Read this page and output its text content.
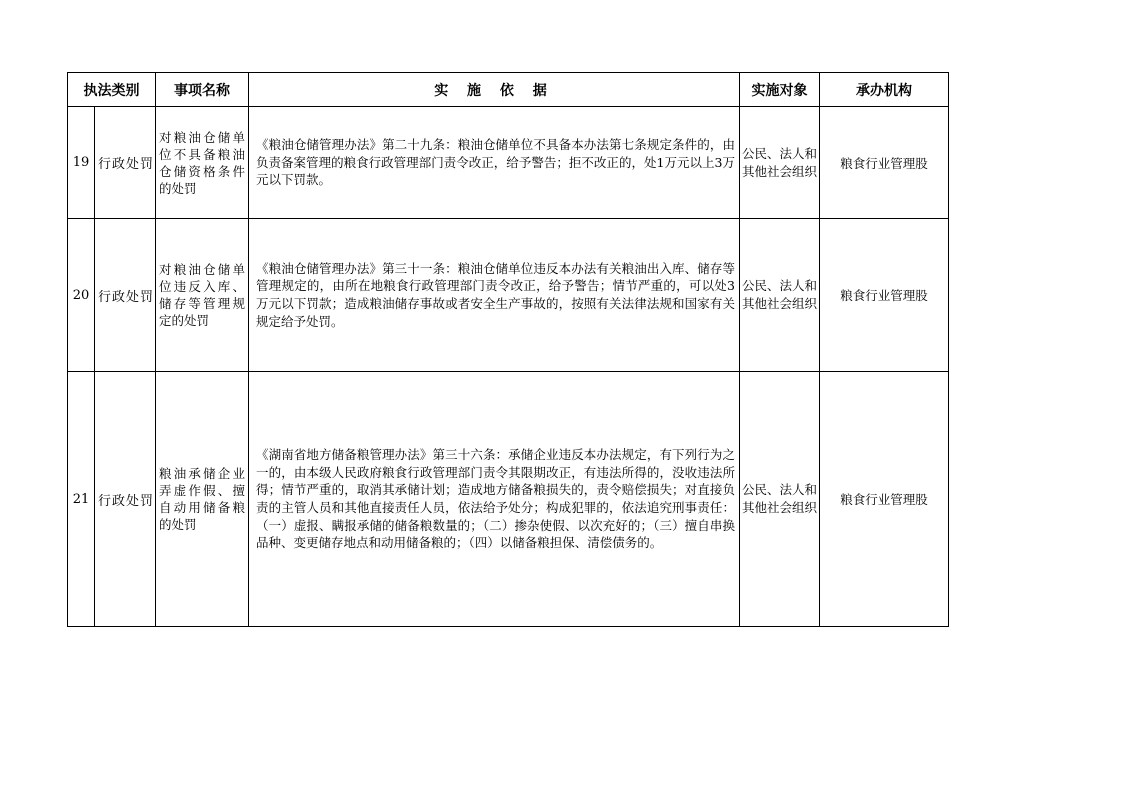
执法类别		事项名称	实 施 依 据	实施对象	承办机构
19	行政处罚	对粮油仓储单位不具备粮油仓储资格条件的处罚	《粮油仓储管理办法》第二十九条：粮油仓储单位不具备本办法第七条规定条件的，由负责备案管理的粮食行政管理部门责令改正，给予警告；拒不改正的，处1万元以上3万元以下罚款。	公民、法人和其他社会组织	粮食行业管理股
20	行政处罚	对粮油仓储单位违反入库、储存等管理规定的处罚	《粮油仓储管理办法》第三十一条：粮油仓储单位违反本办法有关粮油出入库、储存等管理规定的，由所在地粮食行政管理部门责令改正，给予警告；情节严重的，可以处3万元以下罚款；造成粮油储存事故或者安全生产事故的，按照有关法律法规和国家有关规定给予处罚。	公民、法人和其他社会组织	粮食行业管理股
21	行政处罚	粮油承储企业弄虚作假、擅自动用储备粮的处罚	《湖南省地方储备粮管理办法》第三十六条：承储企业违反本办法规定，有下列行为之一的，由本级人民政府粮食行政管理部门责令其限期改正，有违法所得的，没收违法所得；情节严重的，取消其承储计划；造成地方储备粮损失的，责令赔偿损失；对直接负责的主管人员和其他直接责任人员，依法给予处分；构成犯罪的，依法追究刑事责任：（一）虚报、瞒报承储的储备粮数量的；（二）掺杂使假、以次充好的；（三）擅自串换品种、变更储存地点和动用储备粮的；（四）以储备粮担保、清偿债务的。	公民、法人和其他社会组织	粮食行业管理股
